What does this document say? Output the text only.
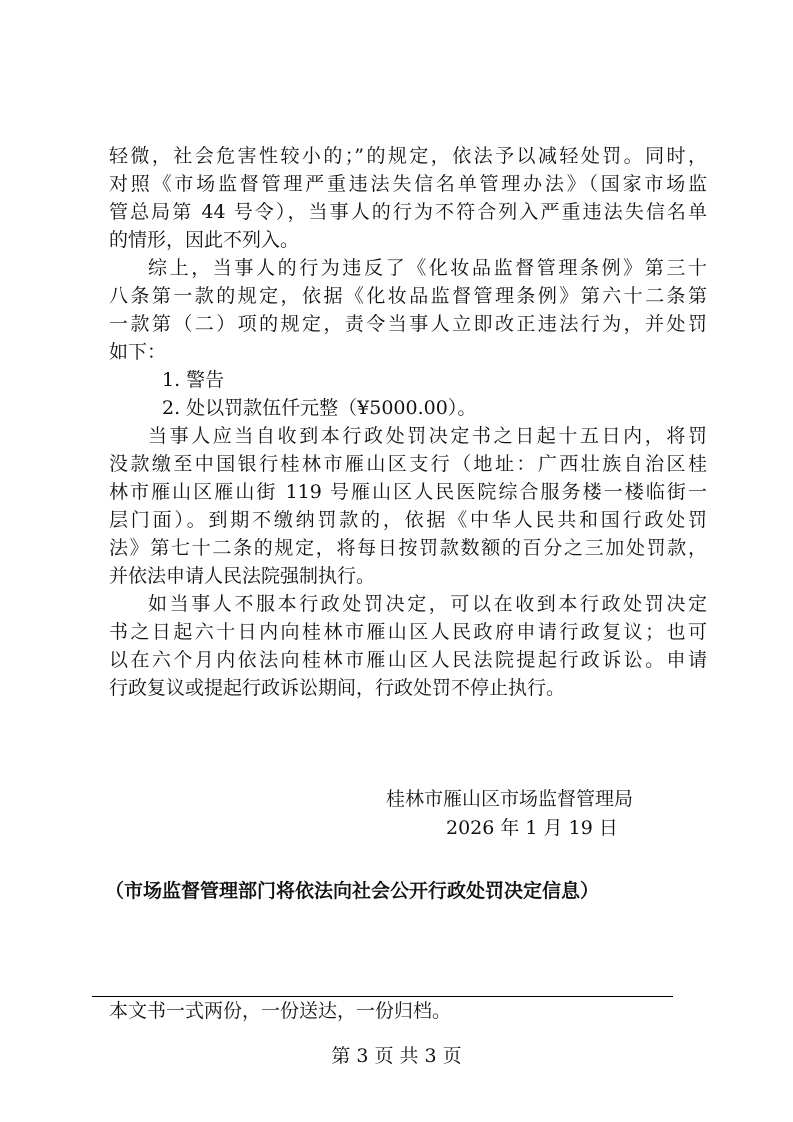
轻微，社会危害性较小的；”的规定，依法予以减轻处罚。同时，
对照《市场监督管理严重违法失信名单管理办法》（国家市场监
管总局第 44 号令），当事人的行为不符合列入严重违法失信名单
的情形，因此不列入。
综上，当事人的行为违反了《化妆品监督管理条例》第三十
八条第一款的规定，依据《化妆品监督管理条例》第六十二条第
一款第（二）项的规定，责令当事人立即改正违法行为，并处罚
如下：
1. 警告
2. 处以罚款伍仟元整（¥5000.00）。
当事人应当自收到本行政处罚决定书之日起十五日内，将罚
没款缴至中国银行桂林市雁山区支行（地址：广西壮族自治区桂
林市雁山区雁山街 119 号雁山区人民医院综合服务楼一楼临街一
层门面）。到期不缴纳罚款的，依据《中华人民共和国行政处罚
法》第七十二条的规定，将每日按罚款数额的百分之三加处罚款，
并依法申请人民法院强制执行。
如当事人不服本行政处罚决定，可以在收到本行政处罚决定
书之日起六十日内向桂林市雁山区人民政府申请行政复议；也可
以在六个月内依法向桂林市雁山区人民法院提起行政诉讼。申请
行政复议或提起行政诉讼期间，行政处罚不停止执行。
桂林市雁山区市场监督管理局
2026 年 1 月 19 日
（市场监督管理部门将依法向社会公开行政处罚决定信息）
本文书一式两份，一份送达，一份归档。
第 3 页 共 3 页
